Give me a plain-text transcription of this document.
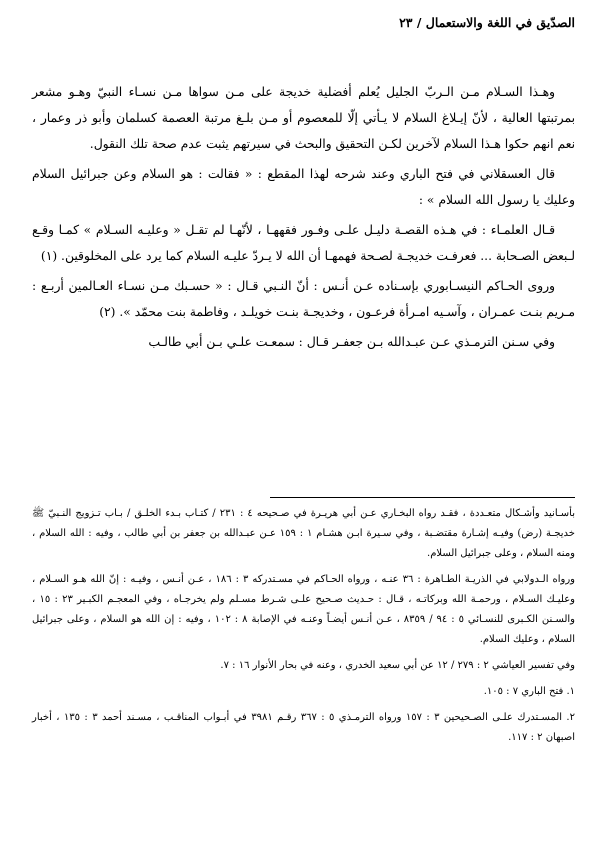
الصدّيق في اللغة والاستعمال / ٢٣

وهـذا السـلام مـن الـربّ الجليل يُعلم أفضلية خديجة على مـن سواها مـن نسـاء النبيّ وهـو مشعر بمرتبتها العالية ، لأنّ إيـلاغ السلام لا يـأتي إلّا للمعصوم أو مـن بلـغ مرتبة العصمة كسلمان وأبو ذر وعمار ، نعم انهم حكوا هـذا السلام لآخرين لكـن التحقيق والبحث في سيرتهم يثبت عدم صحة تلك النقول.

قال العسقلاني في فتح الباري وعند شرحه لهذا المقطع : « فقالت : هو السلام وعن جبرائيل السلام وعليك يا رسول الله السلام » :

قـال العلمـاء : في هـذه القصـة دليـل علـى وفـور فقههـا ، لأنّهـا لم تقـل « وعليـه السـلام » كمـا وقـع لـبعض الصـحابة ... فعرفـت خديجـة لصـحة فهمهـا أن الله لا يـردّ عليـه السلام كما يرد على المخلوقين. (١)

وروى الحـاكم النيسـابوري بإسـناده عـن أنـس : أنّ النـبي قـال : « حسـبك مـن نسـاء العـالمين أربـع : مـريم بنـت عمـران ، وآسـيه امـرأة فرعـون ، وخديجـة بنـت خويلـد ، وفاطمة بنت محمّد ». (٢)

وفي سـنن الترمـذي عـن عبـدالله بـن جعفـر قـال : سمعـت علـي بـن أبي طالـب

بأسـانيد وأشـكال متعـددة ، فقـد رواه البخـاري عـن أبي هريـرة في صـحيحه ٤ : ٢٣١ / كتـاب بـدء الخلـق / بـاب تـزويج النـبيّ ﷺ خديجـة (رض) وفيـه إشـارة مقتضـبة ، وفي سـيرة ابـن هشـام ١ : ١٥٩ عـن عبـدالله بن جعفر بن أبي طالب ، وفيه : الله السلام ، ومنه السلام ، وعلى جبرائيل السلام.

ورواه الـدولابي في الذريـة الطـاهرة : ٣٦ عنـه ، ورواه الحـاكم في مسـتدركه ٣ : ١٨٦ ، عـن أنـس ، وفيـه : إنّ الله هـو السـلام ، وعليـك السـلام ، ورحمـة الله وبركاتـه ، قـال : حـديث صـحيح علـى شـرط مسـلم ولم يخرجـاه ، وفي المعجـم الكبـير ٢٣ : ١٥ ، والسـنن الكـبرى للنسـائي ٥ : ٩٤ / ٨٣٥٩ ، عـن أنـس أيضـاً وعنـه في الإصابة ٨ : ١٠٢ ، وفيه : إن الله هو السلام ، وعلى جبرائيل السلام ، وعليك السلام.

وفي تفسير العياشي ٢ : ٢٧٩ / ١٢ عن أبي سعيد الخدري ، وعنه في بحار الأنوار ١٦ : ٧.

١. فتح الباري ٧ : ١٠٥.

٢. المسـتدرك علـى الصـحيحين ٣ : ١٥٧ ورواه الترمـذي ٥ : ٣٦٧ رقـم ٣٩٨١ في أبـواب المناقـب ، مسـند أحمد ٣ : ١٣٥ ، أخبار اصبهان ٢ : ١١٧.
